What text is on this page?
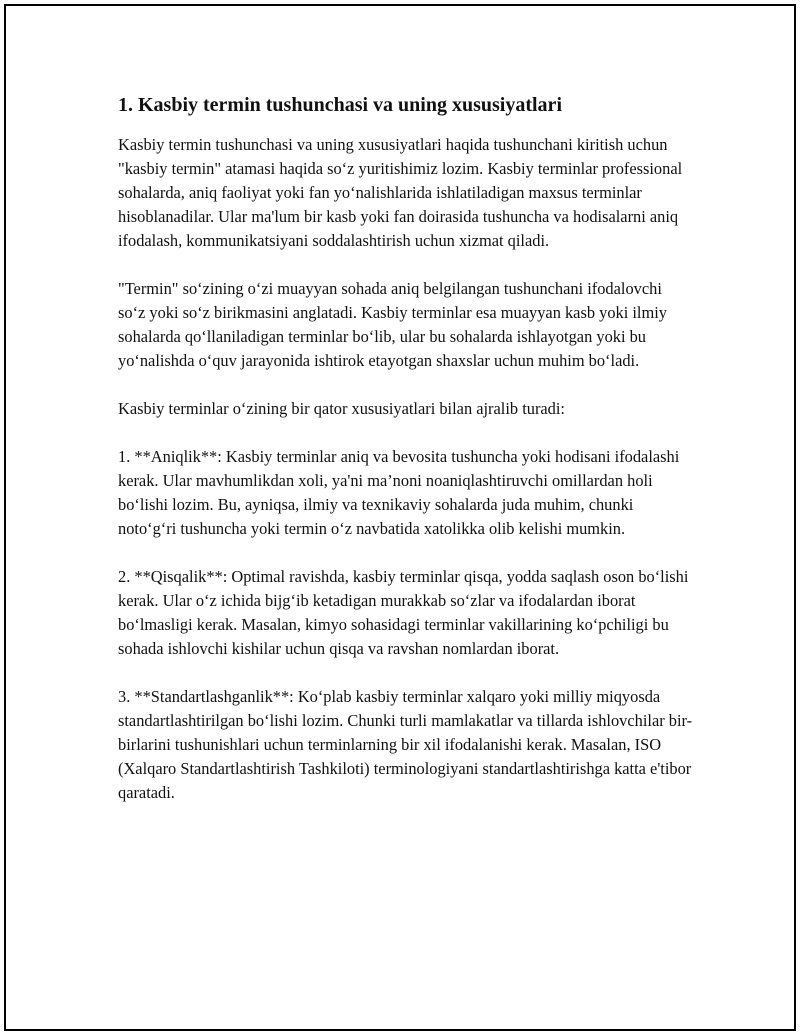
1. Kasbiy termin tushunchasi va uning xususiyatlari

Kasbiy termin tushunchasi va uning xususiyatlari haqida tushunchani kiritish uchun "kasbiy termin" atamasi haqida so‘z yuritishimiz lozim. Kasbiy terminlar professional sohalarda, aniq faoliyat yoki fan yo‘nalishlarida ishlatiladigan maxsus terminlar hisoblanadilar. Ular ma'lum bir kasb yoki fan doirasida tushuncha va hodisalarni aniq ifodalash, kommunikatsiyani soddalashtirish uchun xizmat qiladi.

"Termin" so‘zining o‘zi muayyan sohada aniq belgilangan tushunchani ifodalovchi so‘z yoki so‘z birikmasini anglatadi. Kasbiy terminlar esa muayyan kasb yoki ilmiy sohalarda qo‘llaniladigan terminlar bo‘lib, ular bu sohalarda ishlayotgan yoki bu yo‘nalishda o‘quv jarayonida ishtirok etayotgan shaxslar uchun muhim bo‘ladi.

Kasbiy terminlar o‘zining bir qator xususiyatlari bilan ajralib turadi:

1. **Aniqlik**: Kasbiy terminlar aniq va bevosita tushuncha yoki hodisani ifodalashi kerak. Ular mavhumlikdan xoli, ya'ni ma’noni noaniqlashtiruvchi omillardan holi bo‘lishi lozim. Bu, ayniqsa, ilmiy va texnikaviy sohalarda juda muhim, chunki noto‘g‘ri tushuncha yoki termin o‘z navbatida xatolikka olib kelishi mumkin.

2. **Qisqalik**: Optimal ravishda, kasbiy terminlar qisqa, yodda saqlash oson bo‘lishi kerak. Ular o‘z ichida bijg‘ib ketadigan murakkab so‘zlar va ifodalardan iborat bo‘lmasligi kerak. Masalan, kimyo sohasidagi terminlar vakillarining ko‘pchiligi bu sohada ishlovchi kishilar uchun qisqa va ravshan nomlardan iborat.

3. **Standartlashganlik**: Ko‘plab kasbiy terminlar xalqaro yoki milliy miqyosda standartlashtirilgan bo‘lishi lozim. Chunki turli mamlakatlar va tillarda ishlovchilar bir-birlarini tushunishlari uchun terminlarning bir xil ifodalanishi kerak. Masalan, ISO (Xalqaro Standartlashtirish Tashkiloti) terminologiyani standartlashtirishga katta e'tibor qaratadi.
